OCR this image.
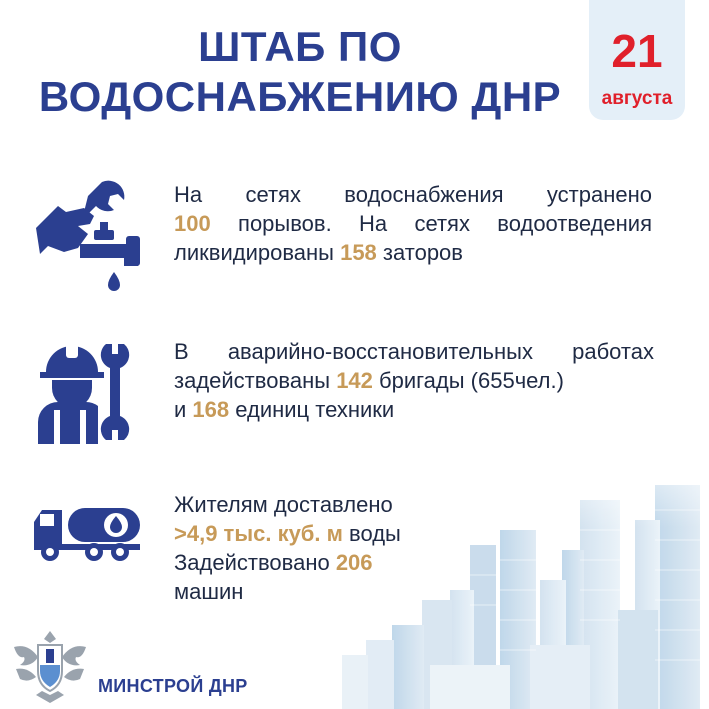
ШТАБ ПО
ВОДОСНАБЖЕНИЮ ДНР
21
августа
На сетях водоснабжения устранено
100 порывов. На сетях водоотведения
ликвидированы 158 заторов
В аварийно-восстановительных работах
задействованы 142 бригады (655чел.)
и 168 единиц техники
Жителям доставлено
>4,9 тыс. куб. м воды
Задействовано 206
машин
МИНСТРОЙ ДНР
